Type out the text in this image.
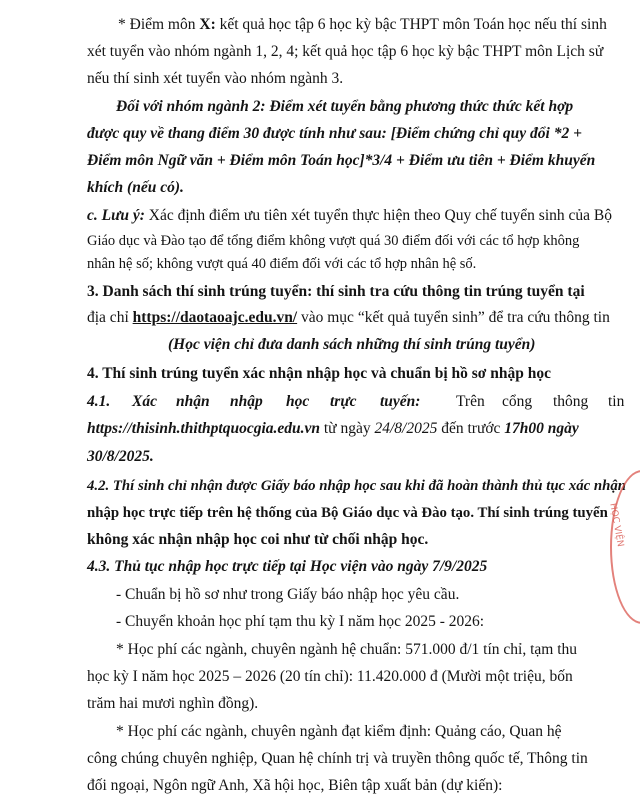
* Điểm môn X: kết quả học tập 6 học kỳ bậc THPT môn Toán học nếu thí sinh
xét tuyển vào nhóm ngành 1, 2, 4; kết quả học tập 6 học kỳ bậc THPT môn Lịch sử
nếu thí sinh xét tuyển vào nhóm ngành 3.
Đối với nhóm ngành 2: Điểm xét tuyển bằng phương thức thức kết hợp
được quy về thang điểm 30 được tính như sau: [Điểm chứng chỉ quy đổi *2 +
Điểm môn Ngữ văn + Điểm môn Toán học]*3/4 + Điểm ưu tiên + Điểm khuyến
khích (nếu có).
c. Lưu ý: Xác định điểm ưu tiên xét tuyển thực hiện theo Quy chế tuyển sinh của Bộ
Giáo dục và Đào tạo để tổng điểm không vượt quá 30 điểm đối với các tổ hợp không
nhân hệ số; không vượt quá 40 điểm đối với các tổ hợp nhân hệ số.
3. Danh sách thí sinh trúng tuyển: thí sinh tra cứu thông tin trúng tuyển tại
địa chỉ https://daotaoajc.edu.vn/ vào mục “kết quả tuyển sinh” để tra cứu thông tin
(Học viện chỉ đưa danh sách những thí sinh trúng tuyển)
4. Thí sinh trúng tuyển xác nhận nhập học và chuẩn bị hồ sơ nhập học
4.1. Xác nhận nhập học trực tuyến: Trên cổng thông tin
https://thisinh.thithptquocgia.edu.vn từ ngày 24/8/2025 đến trước 17h00 ngày
30/8/2025.
4.2. Thí sinh chỉ nhận được Giấy báo nhập học sau khi đã hoàn thành thủ tục xác nhận
nhập học trực tiếp trên hệ thống của Bộ Giáo dục và Đào tạo. Thí sinh trúng tuyển
không xác nhận nhập học coi như từ chối nhập học.
4.3. Thủ tục nhập học trực tiếp tại Học viện vào ngày 7/9/2025
- Chuẩn bị hồ sơ như trong Giấy báo nhập học yêu cầu.
- Chuyển khoản học phí tạm thu kỳ I năm học 2025 - 2026:
* Học phí các ngành, chuyên ngành hệ chuẩn: 571.000 đ/1 tín chỉ, tạm thu
học kỳ I năm học 2025 – 2026 (20 tín chỉ): 11.420.000 đ (Mười một triệu, bốn
trăm hai mươi nghìn đồng).
* Học phí các ngành, chuyên ngành đạt kiểm định: Quảng cáo, Quan hệ
công chúng chuyên nghiệp, Quan hệ chính trị và truyền thông quốc tế, Thông tin
đối ngoại, Ngôn ngữ Anh, Xã hội học, Biên tập xuất bản (dự kiến):
HỌC VIỆN
